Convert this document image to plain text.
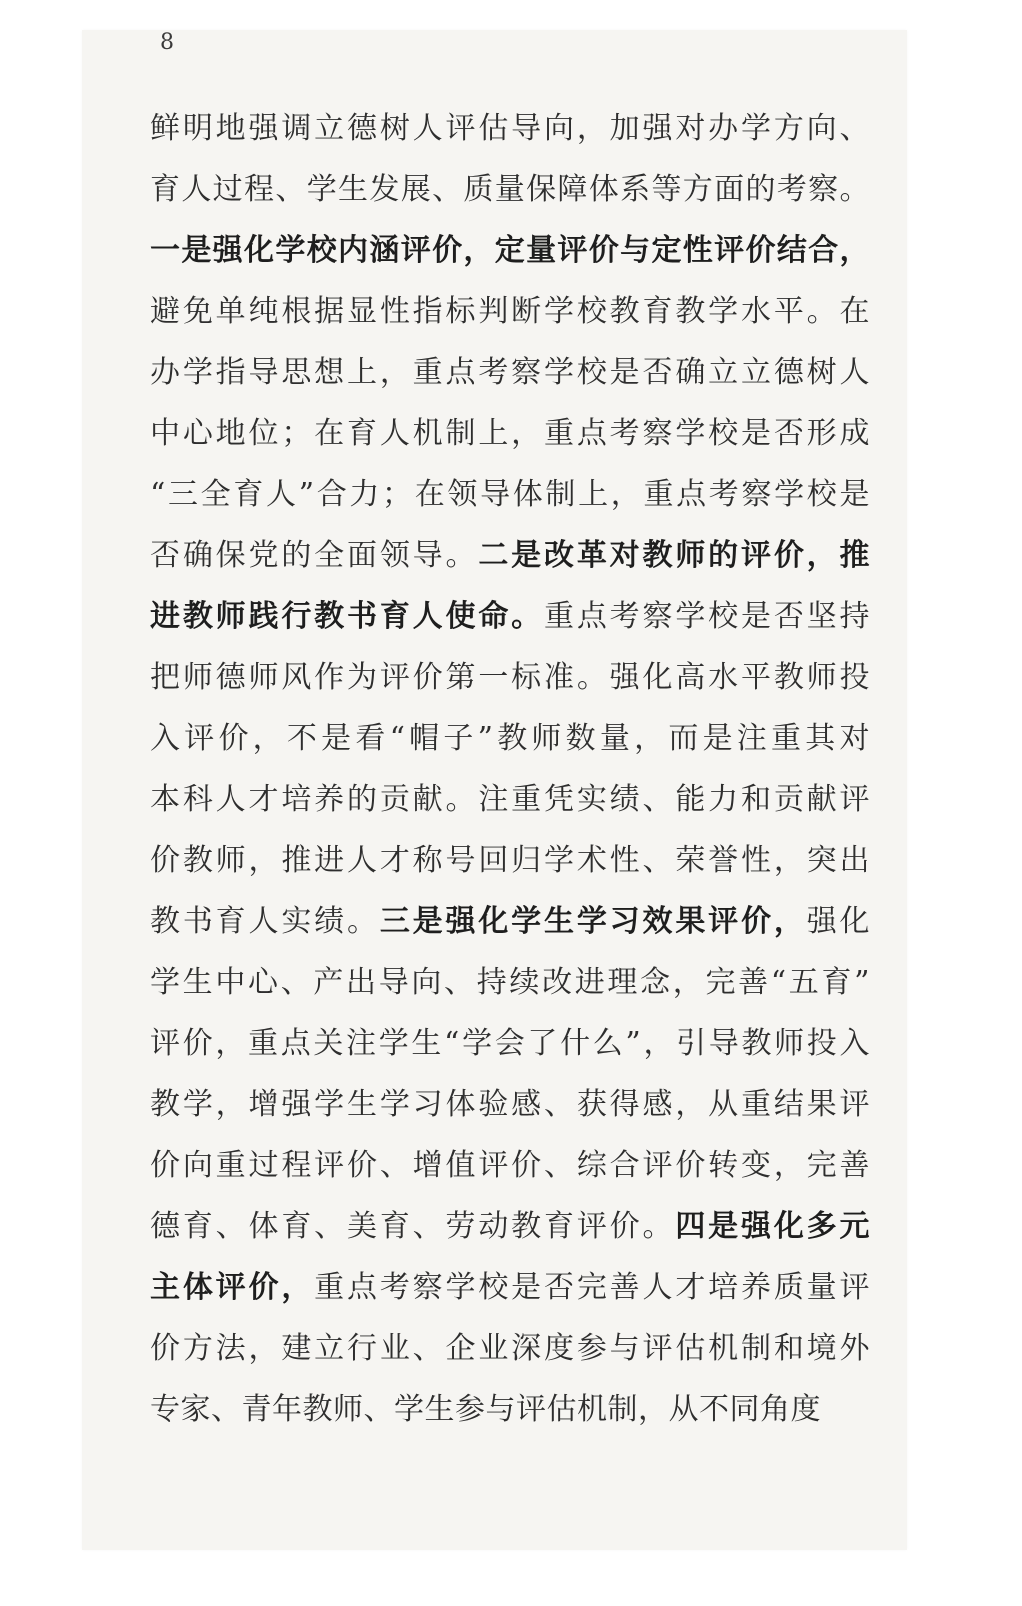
8
鲜明地强调立德树人评估导向，加强对办学方向、
育人过程、学生发展、质量保障体系等方面的考察。
一是强化学校内涵评价，定量评价与定性评价结合，
避免单纯根据显性指标判断学校教育教学水平。在
办学指导思想上，重点考察学校是否确立立德树人
中心地位；在育人机制上，重点考察学校是否形成
“三全育人”合力；在领导体制上，重点考察学校是
否确保党的全面领导。二是改革对教师的评价，推
进教师践行教书育人使命。重点考察学校是否坚持
把师德师风作为评价第一标准。强化高水平教师投
入评价，不是看“帽子”教师数量，而是注重其对
本科人才培养的贡献。注重凭实绩、能力和贡献评
价教师，推进人才称号回归学术性、荣誉性，突出
教书育人实绩。三是强化学生学习效果评价，强化
学生中心、产出导向、持续改进理念，完善“五育”
评价，重点关注学生“学会了什么”，引导教师投入
教学，增强学生学习体验感、获得感，从重结果评
价向重过程评价、增值评价、综合评价转变，完善
德育、体育、美育、劳动教育评价。四是强化多元
主体评价，重点考察学校是否完善人才培养质量评
价方法，建立行业、企业深度参与评估机制和境外
专家、青年教师、学生参与评估机制，从不同角度
